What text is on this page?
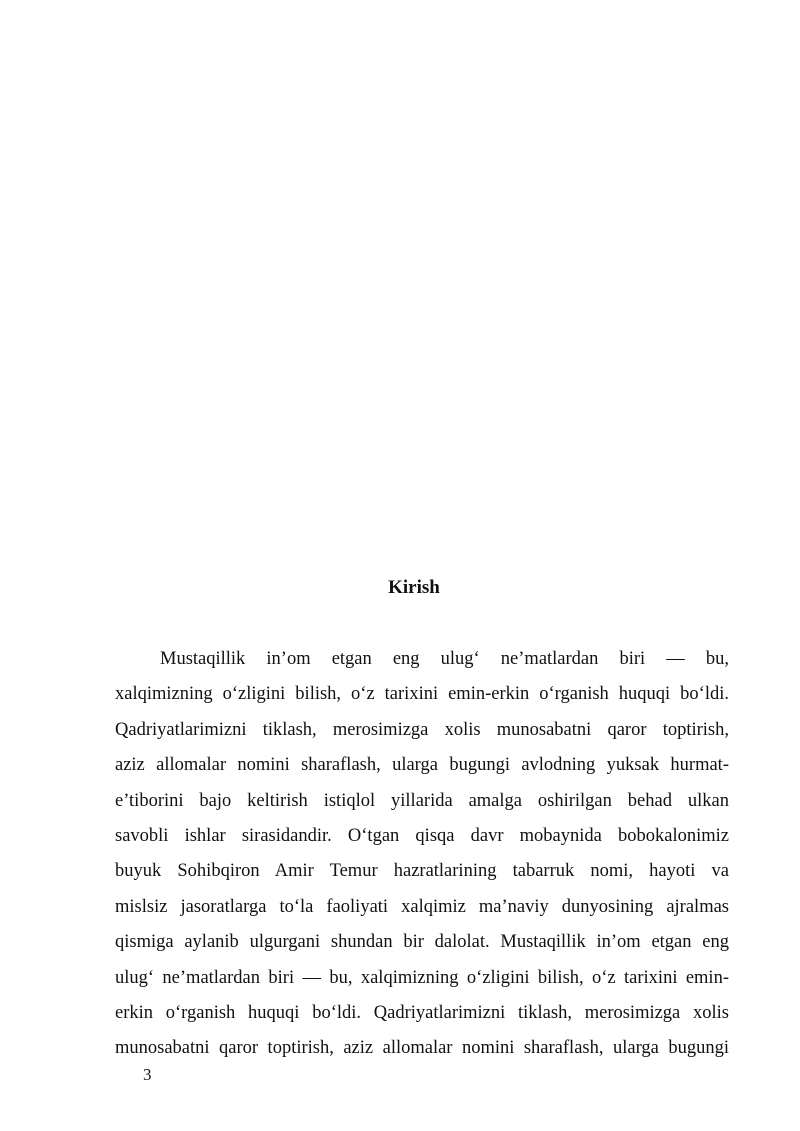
Kirish
Mustaqillik in’om etgan eng ulug‘ ne’matlardan biri — bu,
xalqimizning o‘zligini bilish, o‘z tarixini emin-erkin o‘rganish huquqi bo‘ldi.
Qadriyatlarimizni tiklash, merosimizga xolis munosabatni qaror toptirish,
aziz allomalar nomini sharaflash, ularga bugungi avlodning yuksak hurmat-
e’tiborini bajo keltirish istiqlol yillarida amalga oshirilgan behad ulkan
savobli ishlar sirasidandir. O‘tgan qisqa davr mobaynida bobokalonimiz
buyuk Sohibqiron Amir Temur hazratlarining tabarruk nomi, hayoti va
mislsiz jasoratlarga to‘la faoliyati xalqimiz ma’naviy dunyosining ajralmas
qismiga aylanib ulgurgani shundan bir dalolat. Mustaqillik in’om etgan eng
ulug‘ ne’matlardan biri — bu, xalqimizning o‘zligini bilish, o‘z tarixini emin-
erkin o‘rganish huquqi bo‘ldi. Qadriyatlarimizni tiklash, merosimizga xolis
munosabatni qaror toptirish, aziz allomalar nomini sharaflash, ularga bugungi
3
